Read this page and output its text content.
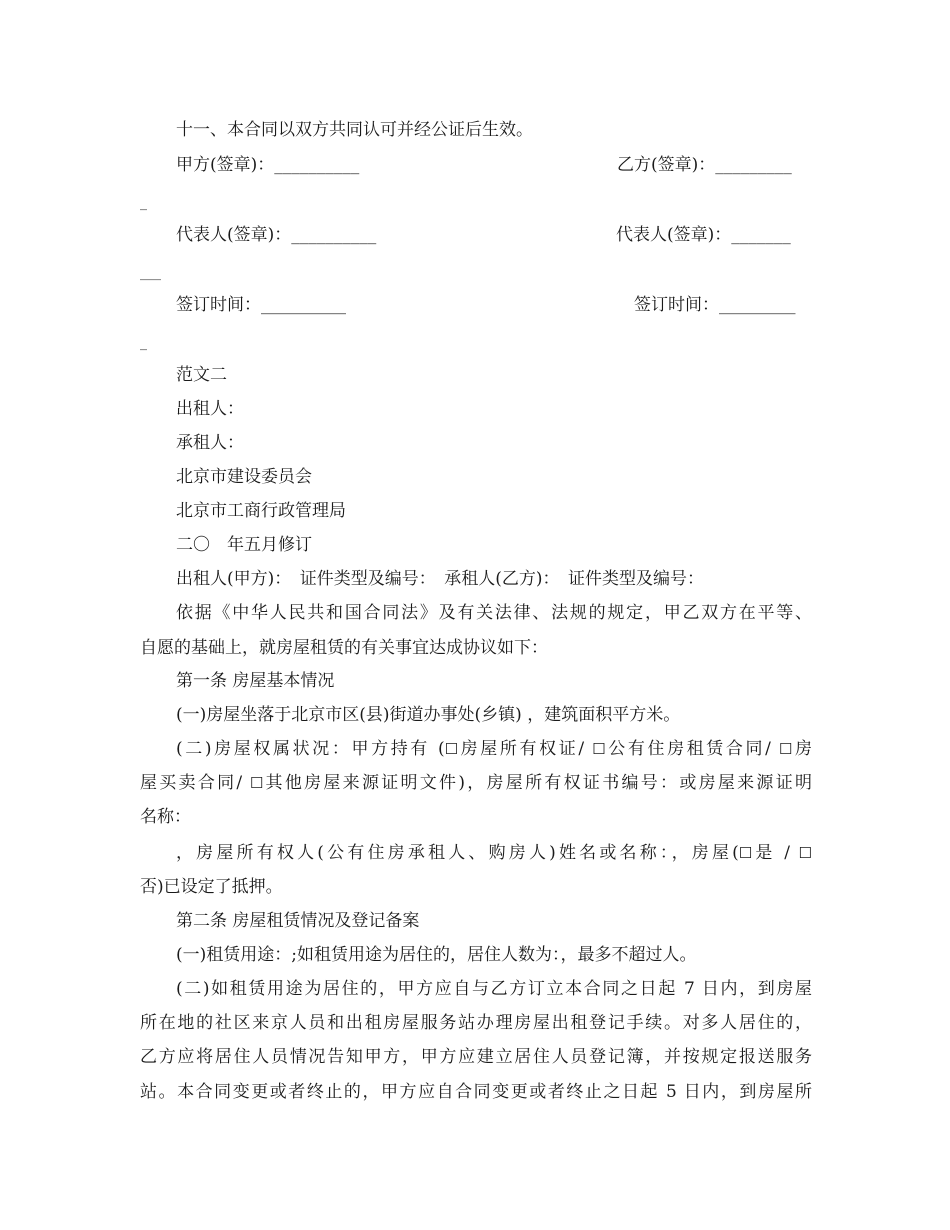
十一、本合同以双方共同认可并经公证后生效。
甲方(签章)：__________	乙方(签章)：_________
_
代表人(签章)：__________	代表人(签章)：_______
___
签订时间：__________	签订时间：_________
_
范文二
出租人：
承租人：
北京市建设委员会
北京市工商行政管理局
二〇　年五月修订
出租人(甲方)：　证件类型及编号：　承租人(乙方)：　证件类型及编号：
依据《中华人民共和国合同法》及有关法律、法规的规定，甲乙双方在平等、
自愿的基础上，就房屋租赁的有关事宜达成协议如下：
第一条 房屋基本情况
(一)房屋坐落于北京市区(县)街道办事处(乡镇) ，建筑面积平方米。
(二)房屋权属状况：甲方持有 (☐房屋所有权证/ ☐公有住房租赁合同/ ☐房
屋买卖合同/ ☐其他房屋来源证明文件)，房屋所有权证书编号：或房屋来源证明
名称：
，房屋所有权人(公有住房承租人、购房人)姓名或名称：，房屋(☐是 / ☐
否)已设定了抵押。
第二条 房屋租赁情况及登记备案
(一)租赁用途：;如租赁用途为居住的，居住人数为：，最多不超过人。
(二)如租赁用途为居住的，甲方应自与乙方订立本合同之日起 7 日内，到房屋
所在地的社区来京人员和出租房屋服务站办理房屋出租登记手续。对多人居住的，
乙方应将居住人员情况告知甲方，甲方应建立居住人员登记簿，并按规定报送服务
站。本合同变更或者终止的，甲方应自合同变更或者终止之日起 5 日内，到房屋所
